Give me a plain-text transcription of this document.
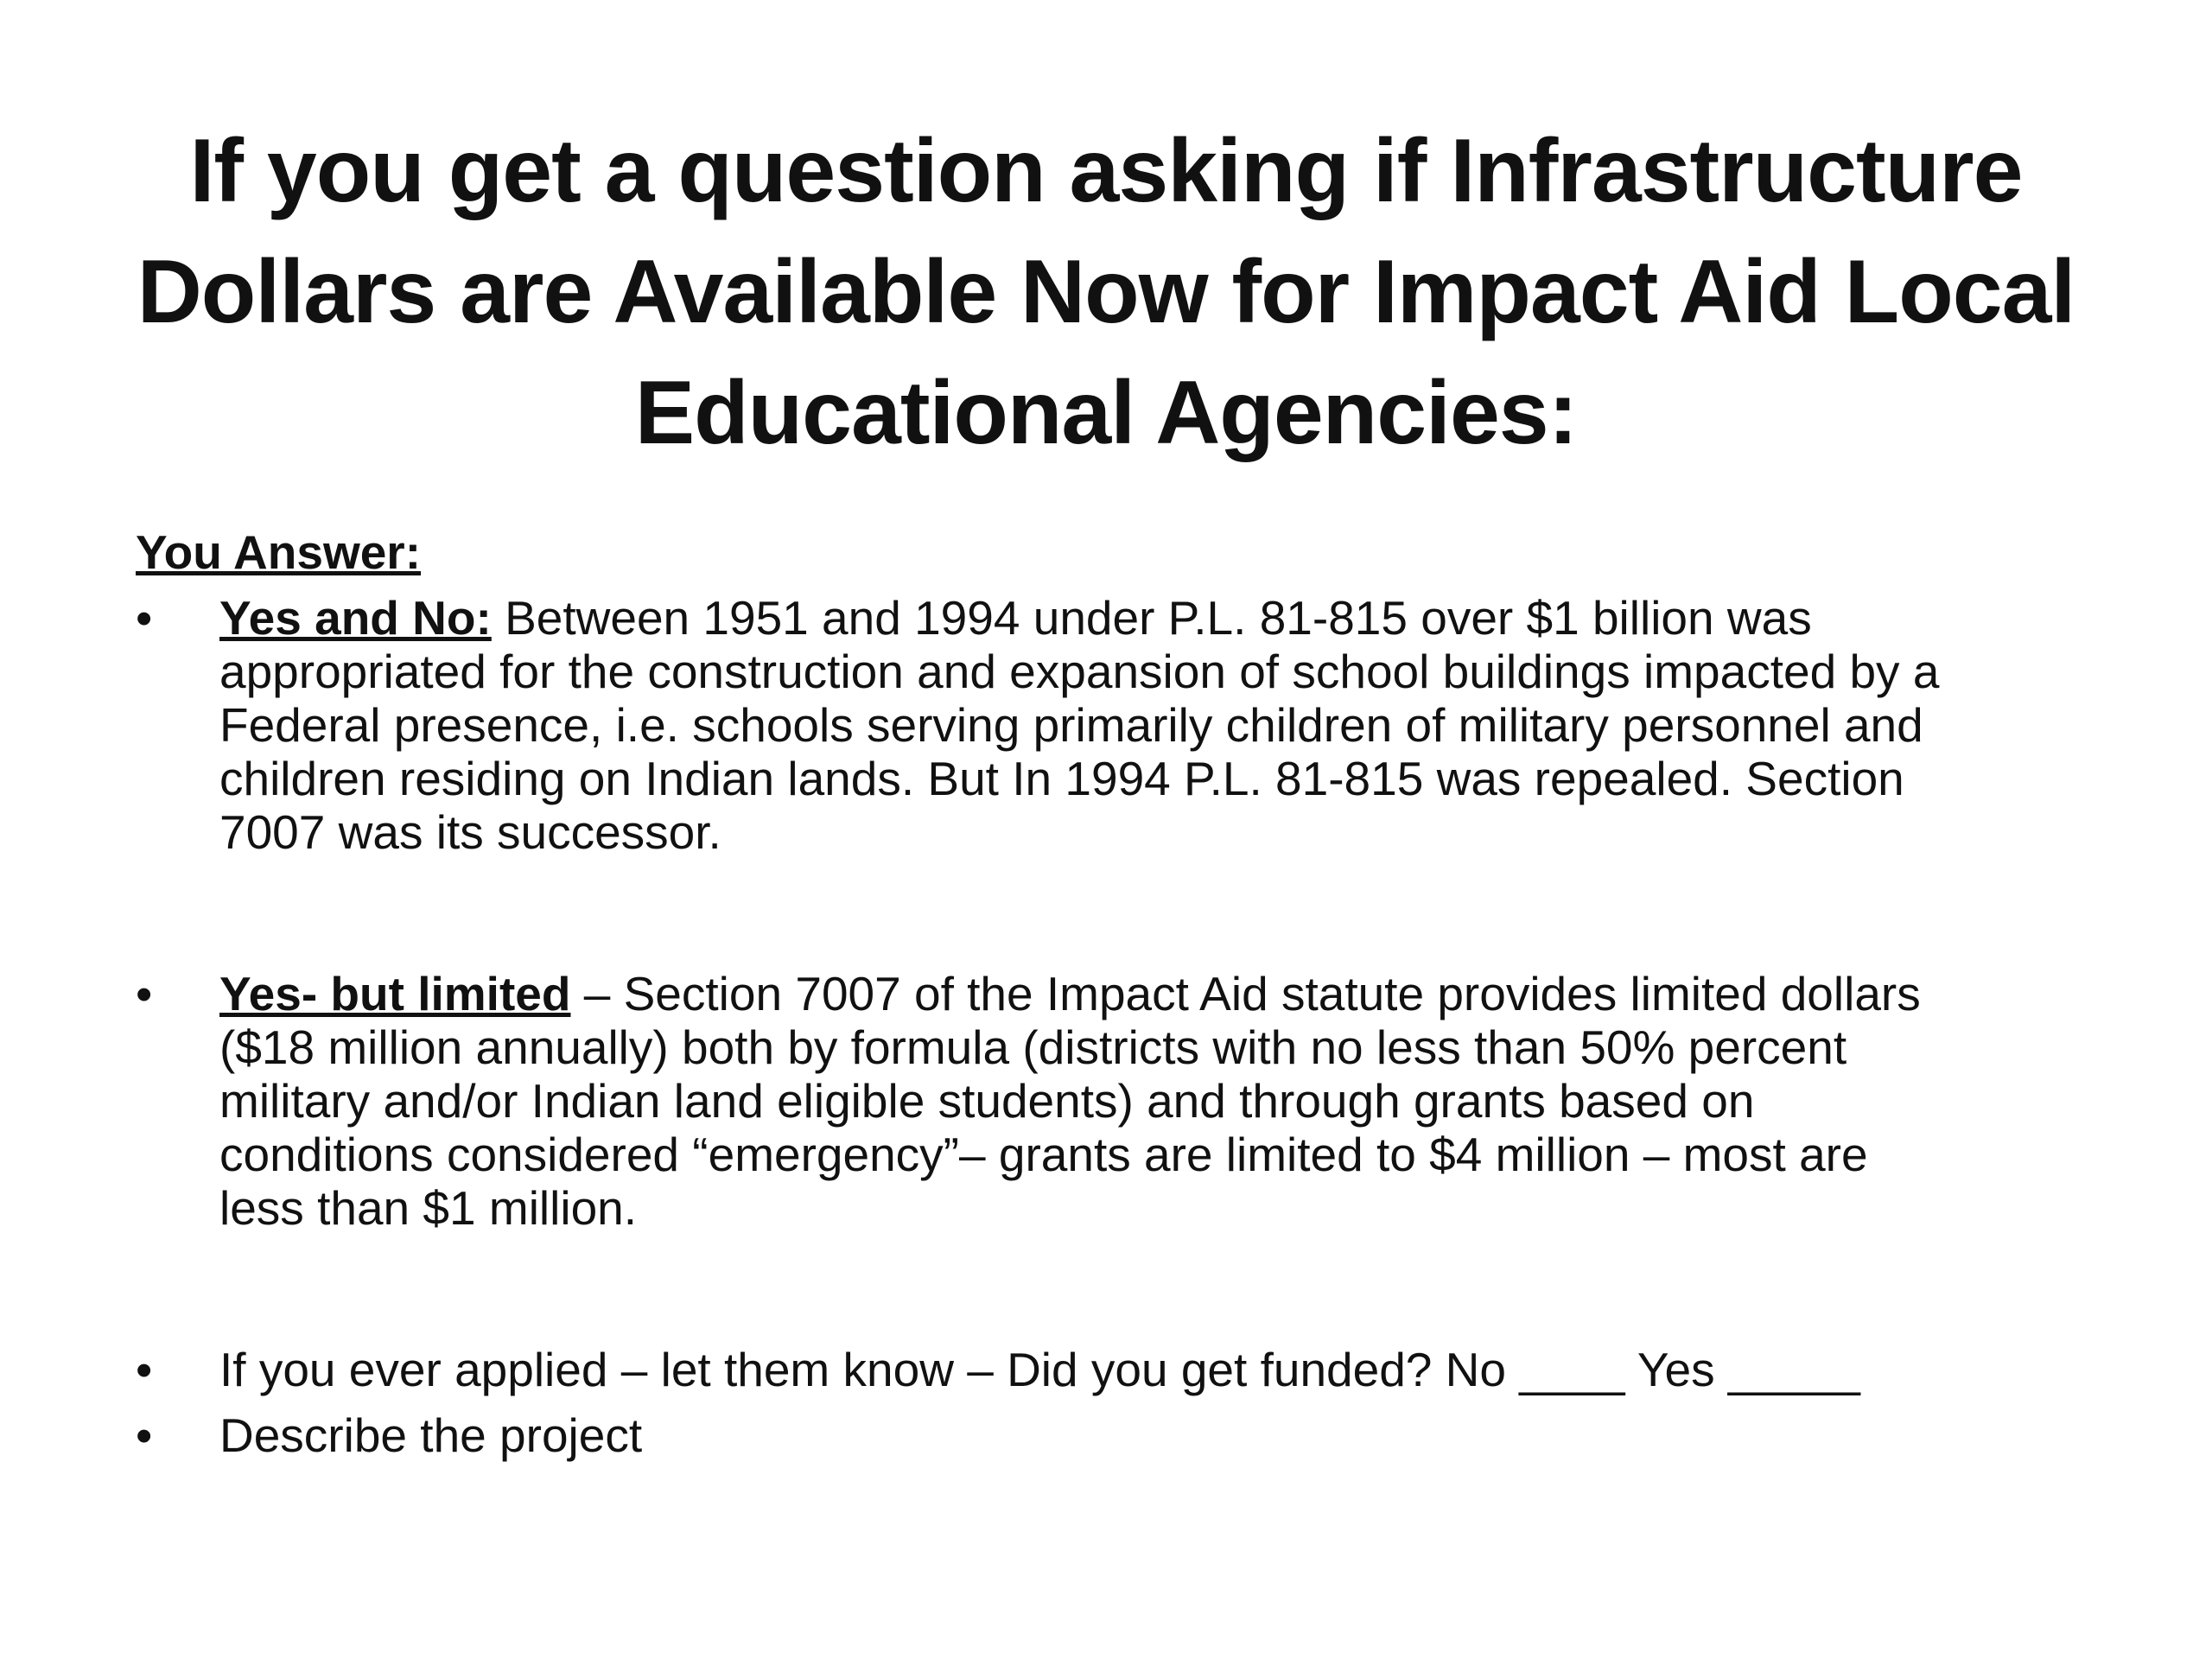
If you get a question asking if Infrastructure
Dollars are Available Now for Impact Aid Local
Educational Agencies:
You Answer:
• Yes and No: Between 1951 and 1994 under P.L. 81-815 over $1 billion was
appropriated for the construction and expansion of school buildings impacted by a
Federal presence, i.e. schools serving primarily children of military personnel and
children residing on Indian lands. But In 1994 P.L. 81-815 was repealed. Section
7007 was its successor.
• Yes- but limited – Section 7007 of the Impact Aid statute provides limited dollars
($18 million annually) both by formula (districts with no less than 50% percent
military and/or Indian land eligible students) and through grants based on
conditions considered “emergency”– grants are limited to $4 million – most are
less than $1 million.
• If you ever applied – let them know – Did you get funded? No ____ Yes _____
• Describe the project
